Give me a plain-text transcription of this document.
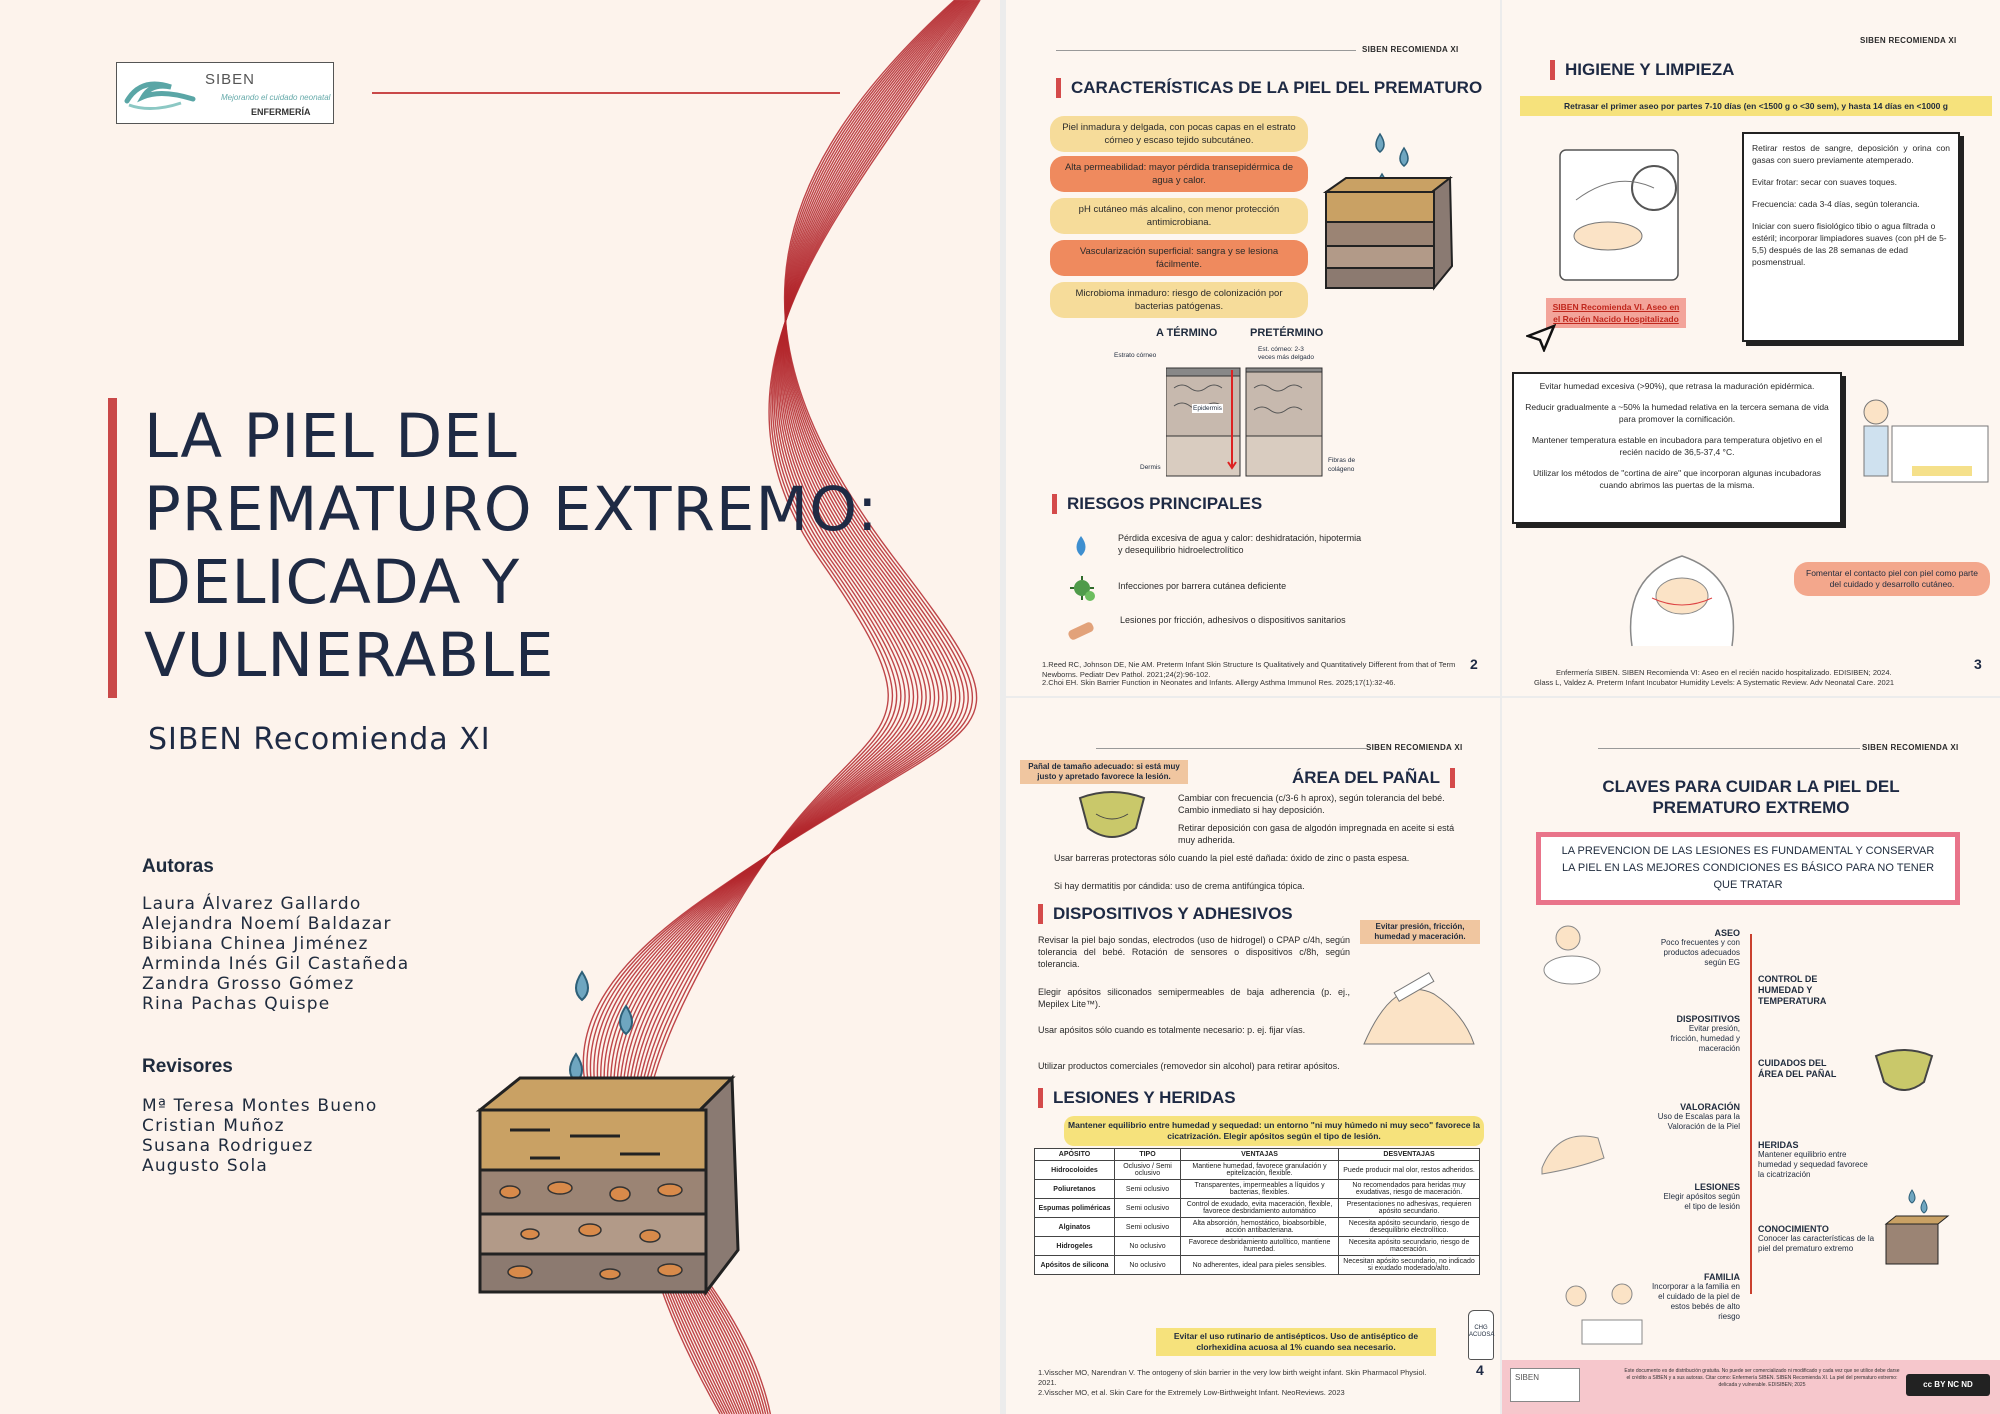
SIBEN
Mejorando el cuidado neonatal
ENFERMERÍA
LA PIEL DEL
PREMATURO EXTREMO:
DELICADA Y
VULNERABLE
SIBEN Recomienda XI
Autoras
Laura Álvarez Gallardo
Alejandra Noemí Baldazar
Bibiana Chinea Jiménez
Arminda Inés Gil Castañeda
Zandra Grosso Gómez
Rina Pachas Quispe
Revisores
Mª Teresa Montes Bueno
Cristian Muñoz
Susana Rodriguez
Augusto Sola
SIBEN RECOMIENDA XI
CARACTERÍSTICAS DE LA PIEL DEL PREMATURO
Piel inmadura y delgada, con pocas capas en el estrato córneo y escaso tejido subcutáneo.
Alta permeabilidad: mayor pérdida transepidérmica de agua y calor.
pH cutáneo más alcalino, con menor protección antimicrobiana.
Vascularización superficial: sangra y se lesiona fácilmente.
Microbioma inmaduro: riesgo de colonización por bacterias patógenas.
A TÉRMINO	PRETÉRMINO
Estrato córneo
Est. córneo: 2-3 veces más delgado
Epidermis
Dermis
Fibras de colágeno
RIESGOS PRINCIPALES
Pérdida excesiva de agua y calor: deshidratación, hipotermia y desequilibrio hidroelectrolítico
Infecciones por barrera cutánea deficiente
Lesiones por fricción, adhesivos o dispositivos sanitarios
1.Reed RC, Johnson DE, Nie AM. Preterm Infant Skin Structure Is Qualitatively and Quantitatively Different from that of Term Newborns. Pediatr Dev Pathol. 2021;24(2):96-102.
2.Choi EH. Skin Barrier Function in Neonates and Infants. Allergy Asthma Immunol Res. 2025;17(1):32-46.
2
SIBEN RECOMIENDA XI
HIGIENE Y LIMPIEZA
Retrasar el primer aseo por partes 7-10 días (en <1500 g o <30 sem), y hasta 14 días en <1000 g
SIBEN Recomienda VI. Aseo en el Recién Nacido Hospitalizado
Retirar restos de sangre, deposición y orina con gasas con suero previamente atemperado.
Evitar frotar: secar con suaves toques.
Frecuencia: cada 3-4 días, según tolerancia.
Iniciar con suero fisiológico tibio o agua filtrada o estéril; incorporar limpiadores suaves (con pH de 5-5,5) después de las 28 semanas de edad posmenstrual.
Evitar humedad excesiva (>90%), que retrasa la maduración epidérmica.
Reducir gradualmente a ~50% la humedad relativa en la tercera semana de vida para promover la cornificación.
Mantener temperatura estable en incubadora para temperatura objetivo en el recién nacido de 36,5-37,4 °C.
Utilizar los métodos de "cortina de aire" que incorporan algunas incubadoras cuando abrimos las puertas de la misma.
Fomentar el contacto piel con piel como parte del cuidado y desarrollo cutáneo.
Enfermería SIBEN. SIBEN Recomienda VI: Aseo en el recién nacido hospitalizado. EDISIBEN; 2024.
Glass L, Valdez A. Preterm Infant Incubator Humidity Levels: A Systematic Review. Adv Neonatal Care. 2021
3
SIBEN RECOMIENDA XI
Pañal de tamaño adecuado: si está muy justo y apretado favorece la lesión.	ÁREA DEL PAÑAL
Cambiar con frecuencia (c/3-6 h aprox), según tolerancia del bebé. Cambio inmediato si hay deposición.
Retirar deposición con gasa de algodón impregnada en aceite si está muy adherida.
Usar barreras protectoras sólo cuando la piel esté dañada: óxido de zinc o pasta espesa.
Si hay dermatitis por cándida: uso de crema antifúngica tópica.
DISPOSITIVOS Y ADHESIVOS
Evitar presión, fricción, humedad y maceración.
Revisar la piel bajo sondas, electrodos (uso de hidrogel) o CPAP c/4h, según tolerancia del bebé. Rotación de sensores o dispositivos c/8h, según tolerancia.
Elegir apósitos siliconados semipermeables de baja adherencia (p. ej., Mepilex Lite™).
Usar apósitos sólo cuando es totalmente necesario: p. ej. fijar vías.
Utilizar productos comerciales (removedor sin alcohol) para retirar apósitos.
LESIONES Y HERIDAS
Mantener equilibrio entre humedad y sequedad: un entorno "ni muy húmedo ni muy seco" favorece la cicatrización. Elegir apósitos según el tipo de lesión.
APÓSITO	TIPO	VENTAJAS	DESVENTAJAS
Hidrocoloides	Oclusivo / Semi oclusivo	Mantiene humedad, favorece granulación y epitelización, flexible.	Puede producir mal olor, restos adheridos.
Poliuretanos	Semi oclusivo	Transparentes, impermeables a líquidos y bacterias, flexibles.	No recomendados para heridas muy exudativas, riesgo de maceración.
Espumas poliméricas	Semi oclusivo	Control de exudado, evita maceración, flexible, favorece desbridamiento automático	Presentaciones no adhesivas, requieren apósito secundario.
Alginatos	Semi oclusivo	Alta absorción, hemostático, bioabsorbible, acción antibacteriana.	Necesita apósito secundario, riesgo de desequilibrio electrolítico.
Hidrogeles	No oclusivo	Favorece desbridamiento autolítico, mantiene humedad.	Necesita apósito secundario, riesgo de maceración.
Apósitos de silicona	No oclusivo	No adherentes, ideal para pieles sensibles.	Necesitan apósito secundario, no indicado si exudado moderado/alto.
Evitar el uso rutinario de antisépticos. Uso de antiséptico de clorhexidina acuosa al 1% cuando sea necesario.
CHG ACUOSA
1.Visscher MO, Narendran V. The ontogeny of skin barrier in the very low birth weight infant. Skin Pharmacol Physiol. 2021.
2.Visscher MO, et al. Skin Care for the Extremely Low-Birthweight Infant. NeoReviews. 2023
4
SIBEN RECOMIENDA XI
CLAVES PARA CUIDAR LA PIEL DEL PREMATURO EXTREMO
LA PREVENCION DE LAS LESIONES ES FUNDAMENTAL Y CONSERVAR LA PIEL EN LAS MEJORES CONDICIONES ES BÁSICO PARA NO TENER QUE TRATAR
ASEO
Poco frecuentes y con productos adecuados según EG
CONTROL DE HUMEDAD Y TEMPERATURA
DISPOSITIVOS
Evitar presión, fricción, humedad y maceración
CUIDADOS DEL ÁREA DEL PAÑAL
VALORACIÓN
Uso de Escalas para la Valoración de la Piel
HERIDAS
Mantener equilibrio entre humedad y sequedad favorece la cicatrización
LESIONES
Elegir apósitos según el tipo de lesión
CONOCIMIENTO
Conocer las características de la piel del prematuro extremo
FAMILIA
Incorporar a la familia en el cuidado de la piel de estos bebés de alto riesgo
SIBEN
Este documento es de distribución gratuita. No puede ser comercializado ni modificado y cada vez que se utilice debe darse el crédito a SIBEN y a sus autoras. Citar como: Enfermería SIBEN. SIBEN Recomienda XI. La piel del prematuro extremo: delicada y vulnerable. EDISIBEN; 2025	cc BY NC ND
